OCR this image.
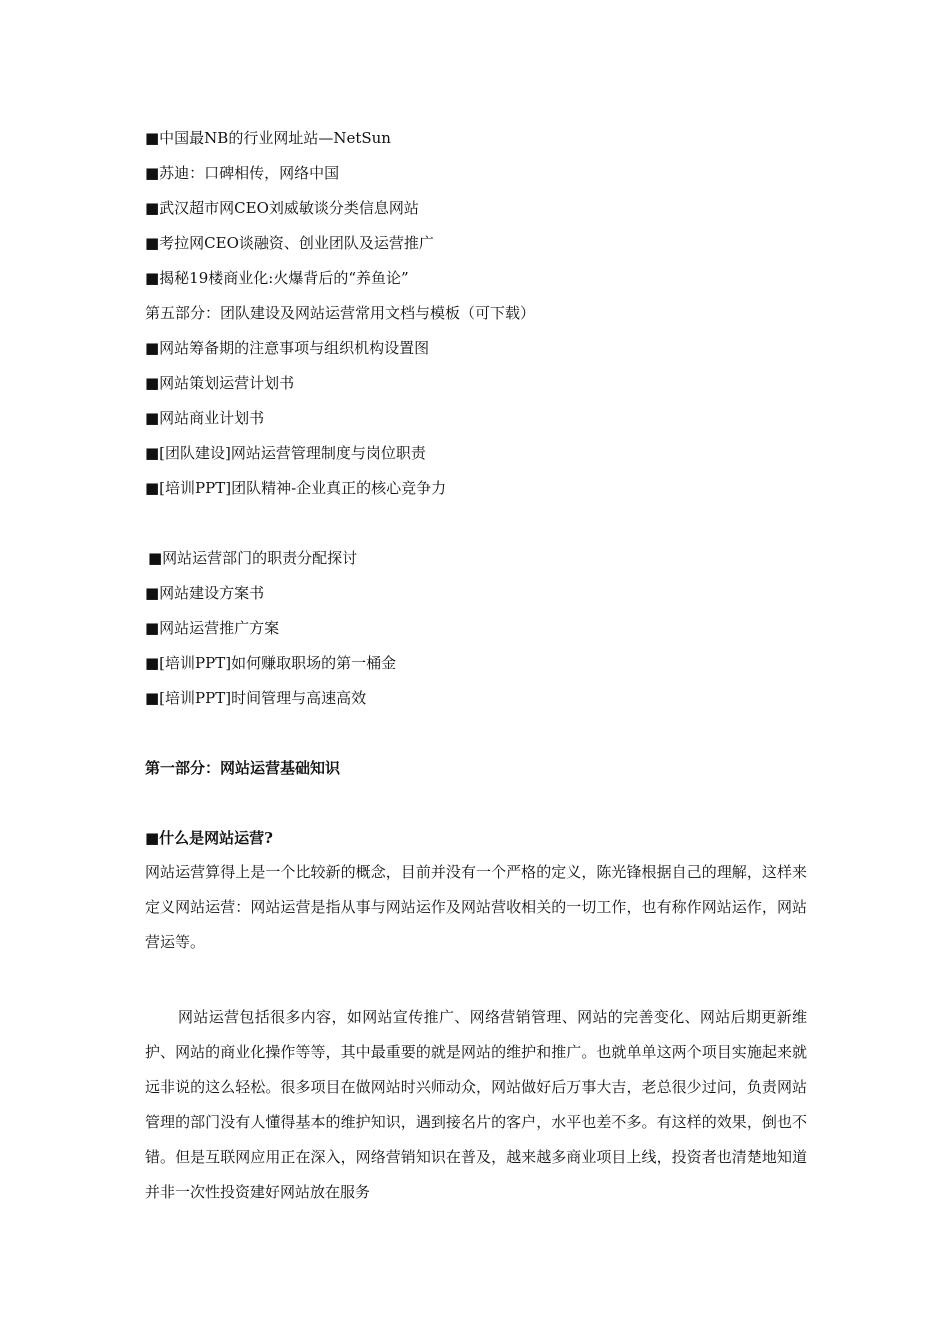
■中国最NB的行业网址站—NetSun
■苏迪：口碑相传，网络中国
■武汉超市网CEO刘威敏谈分类信息网站
■考拉网CEO谈融资、创业团队及运营推广
■揭秘19楼商业化:火爆背后的“养鱼论”
第五部分：团队建设及网站运营常用文档与模板（可下载）
■网站筹备期的注意事项与组织机构设置图
■网站策划运营计划书
■网站商业计划书
■[团队建设]网站运营管理制度与岗位职责
■[培训PPT]团队精神-企业真正的核心竞争力
■网站运营部门的职责分配探讨
■网站建设方案书
■网站运营推广方案
■[培训PPT]如何赚取职场的第一桶金
■[培训PPT]时间管理与高速高效
第一部分：网站运营基础知识
■什么是网站运营?
网站运营算得上是一个比较新的概念，目前并没有一个严格的定义，陈光锋根据自己的理解，这样来定义网站运营：网站运营是指从事与网站运作及网站营收相关的一切工作，也有称作网站运作，网站营运等。
网站运营包括很多内容，如网站宣传推广、网络营销管理、网站的完善变化、网站后期更新维护、网站的商业化操作等等，其中最重要的就是网站的维护和推广。也就单单这两个项目实施起来就远非说的这么轻松。很多项目在做网站时兴师动众，网站做好后万事大吉，老总很少过问，负责网站管理的部门没有人懂得基本的维护知识，遇到接名片的客户，水平也差不多。有这样的效果，倒也不错。但是互联网应用正在深入，网络营销知识在普及，越来越多商业项目上线，投资者也清楚地知道并非一次性投资建好网站放在服务
